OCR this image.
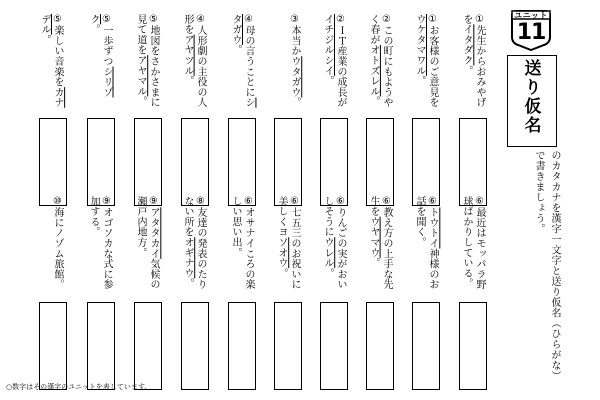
ユニット
11
送り仮名
のカタカナを漢字一文字と送り仮名（ひらがな）
で書きましょう。
①先生からおみやげをイタダク。
①お客様のご意見をウケタマワル。
②この町にもようやく春がオトズレル。
②ＩＴ産業の成長がイチジルシイ。
③本当かウタガウ。
④母の言うことにシタガウ。
④人形劇の主役の人形をアヤツル。
⑤地図をさかさまに見て道をアヤマル。
⑤一歩ずつシリゾク。
⑤楽しい音楽をカナデル。
⑥最近はモッパラ野球ばかりしている。
⑥トウトイ神様のお話を聞く。
⑥教え方の上手な先生をウヤマウ。
⑥りんごの実がおいしそうにウレル。
⑥七五三のお祝いに美しくヨソオウ。
⑥オサナイころの楽しい思い出。
⑧友達の発表のたりない所をオギナウ。
⑨アタタカイ気候の瀬戸内地方。
⑨オゴソカな式に参加する。
⑩海にノゾム旅館。
○数字はその漢字のユニットを表しています。
